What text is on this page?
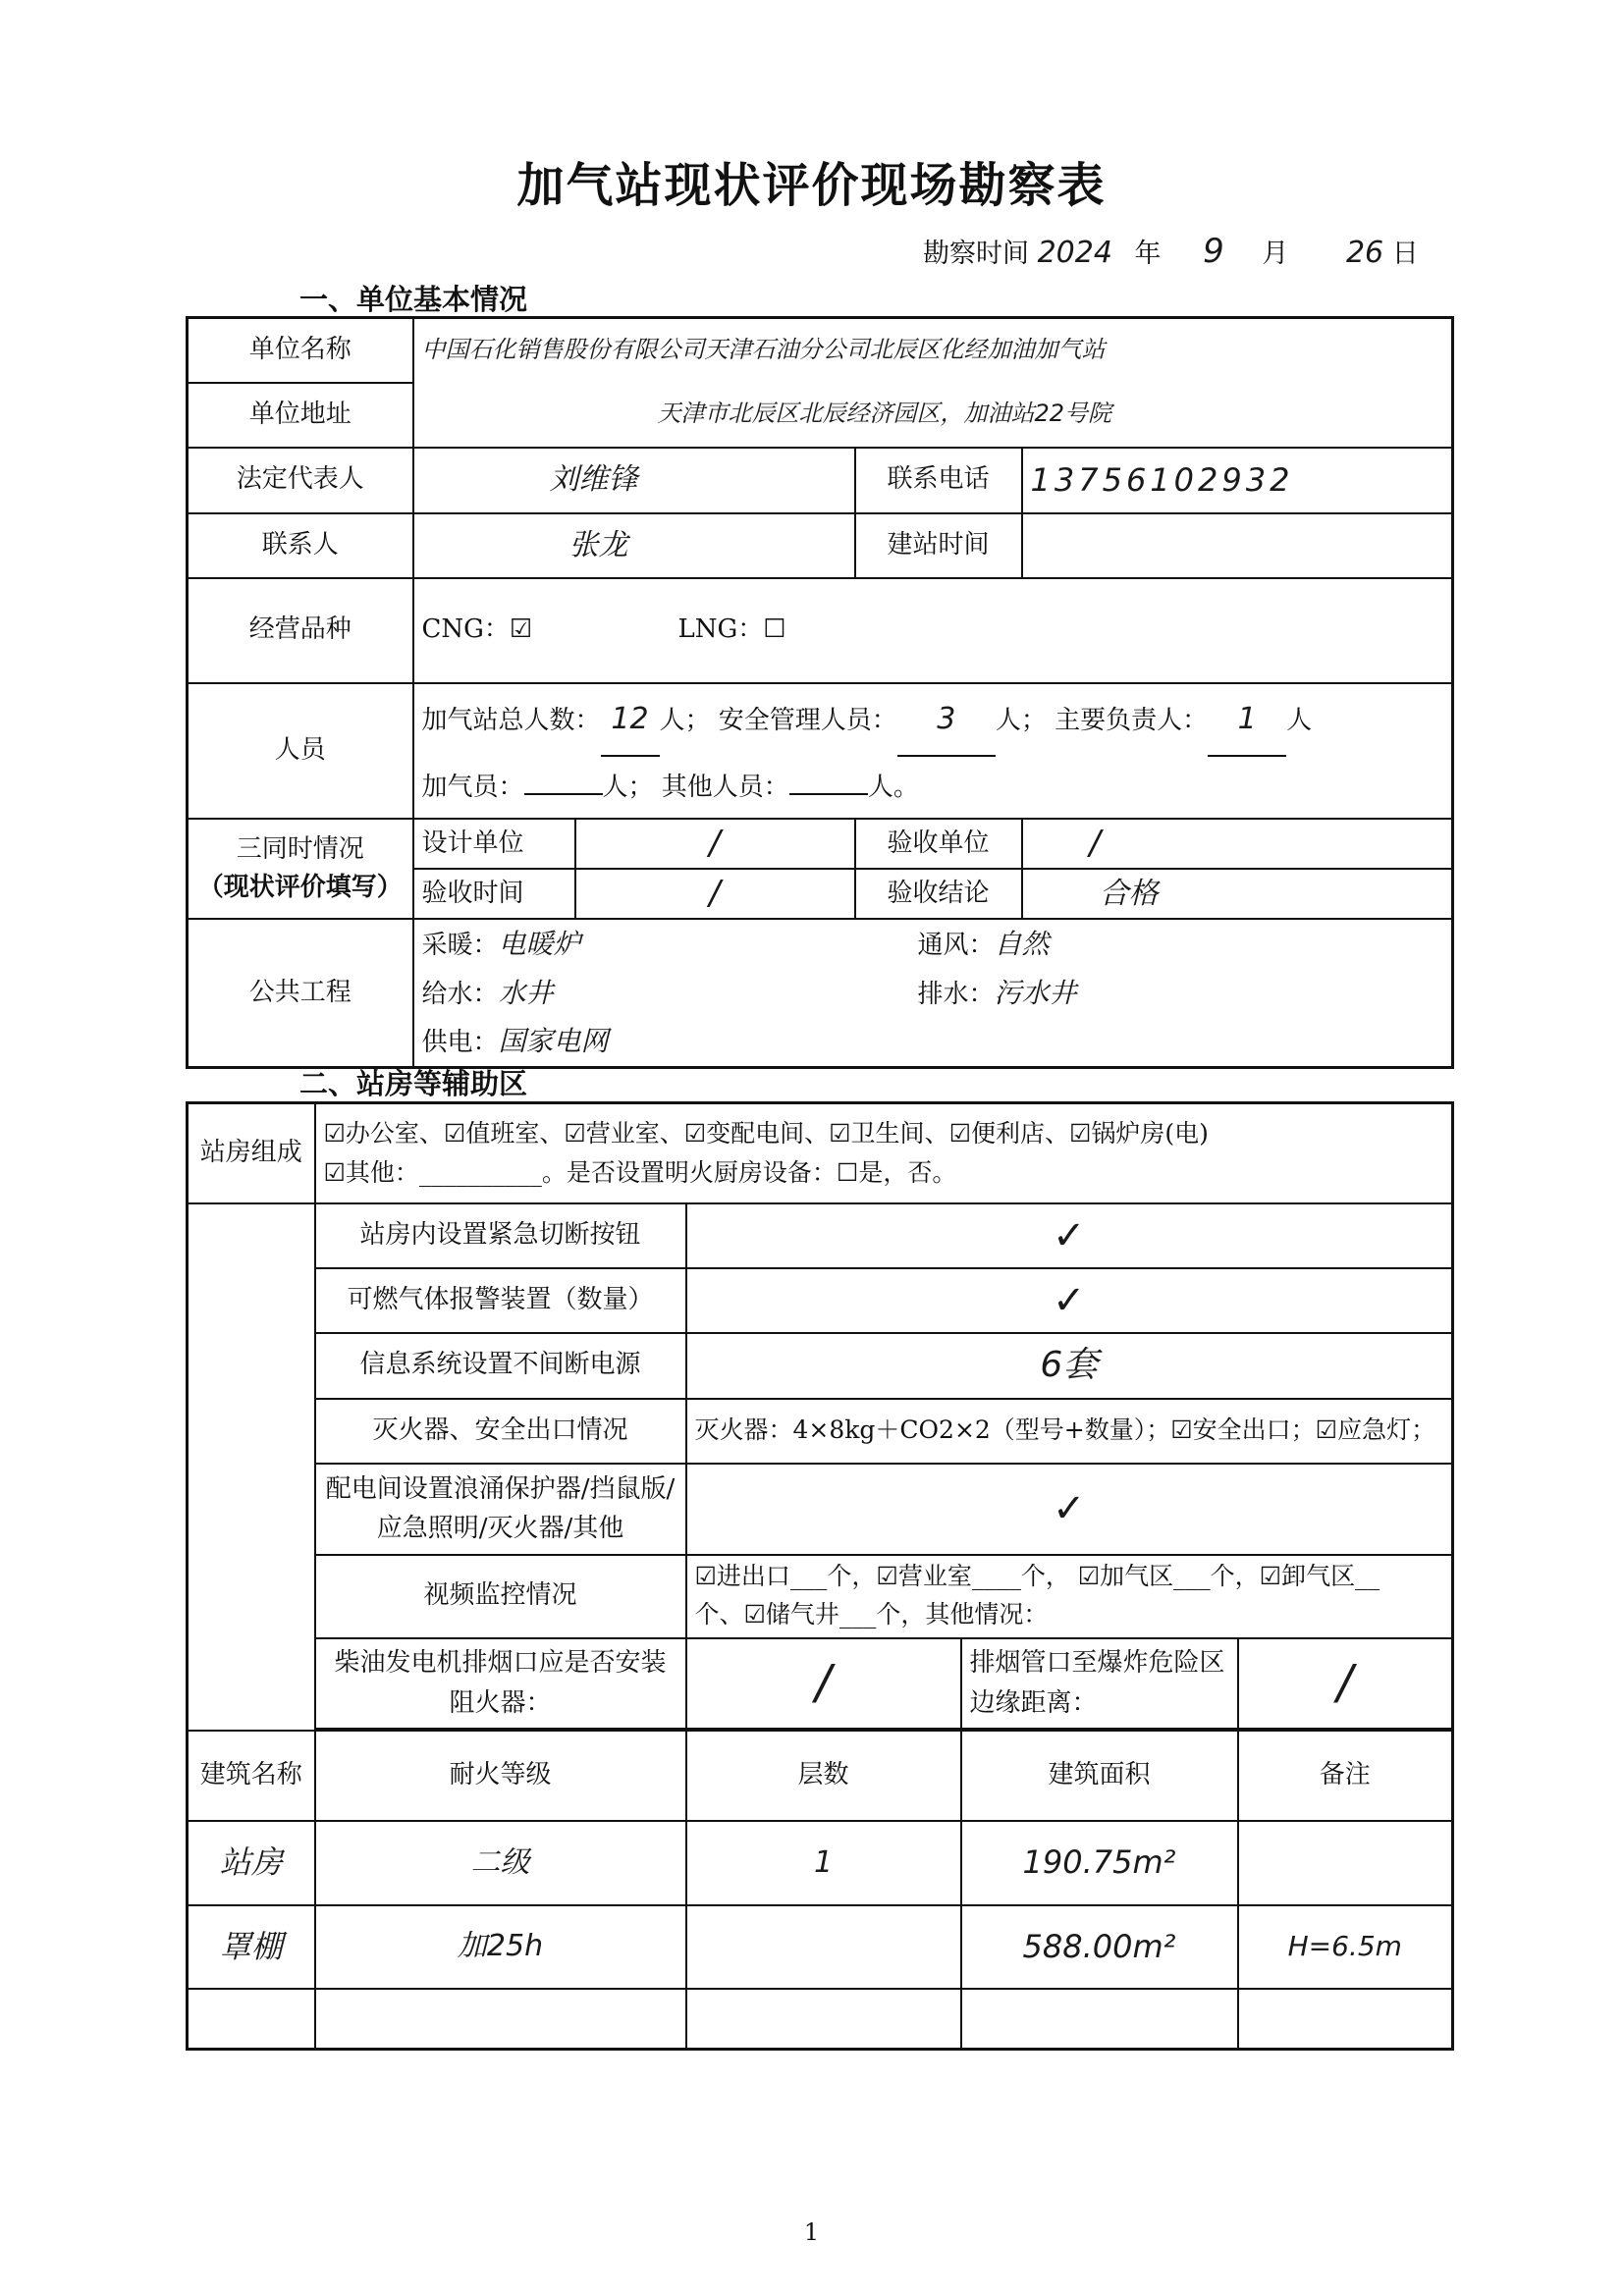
加气站现状评价现场勘察表
勘察时间 2024 年 9 月 26 日
一、单位基本情况
单位名称	中国石化销售股份有限公司天津石油分公司北辰区化经加油加气站			
单位地址	天津市北辰区北辰经济园区，加油站22号院			
法定代表人	刘维锋		联系电话	13756102932
联系人	张龙		建站时间	
经营品种	CNG：☑ LNG：☐			
人员	加气站总人数： 12 人； 安全管理人员： 3 人； 主要负责人： 1 人
加气员： 人； 其他人员： 人。			

三同时情况
（现状评价填写）	设计单位	/	验收单位	/
	验收时间	/	验收结论	合格
公共工程	采暖：电暖炉 通风：自然
给水：水井 排水：污水井
供电：国家电网			
二、站房等辅助区
站房组成	☑办公室、☑值班室、☑营业室、☑变配电间、☑卫生间、☑便利店、☑锅炉房(电)
☑其他：__________。是否设置明火厨房设备：☐是，否。			

	站房内设置紧急切断按钮	✓		
	可燃气体报警装置（数量）	✓		
	信息系统设置不间断电源	6套		
	灭火器、安全出口情况	灭火器：4×8kg＋CO2×2（型号+数量）；☑安全出口；☑应急灯；		
	配电间设置浪涌保护器/挡鼠版/应急照明/灭火器/其他	✓		
	视频监控情况	☑进出口___个，☑营业室____个， ☑加气区___个，☑卸气区__
个、☑储气井___个，其他情况：		

	柴油发电机排烟口应是否安装阻火器：	/	排烟管口至爆炸危险区边缘距离：	/

建筑名称	耐火等级	层数	建筑面积	备注
站房	二级	1	190.75m²	
罩棚	加25h		588.00m²	H=6.5m

1
